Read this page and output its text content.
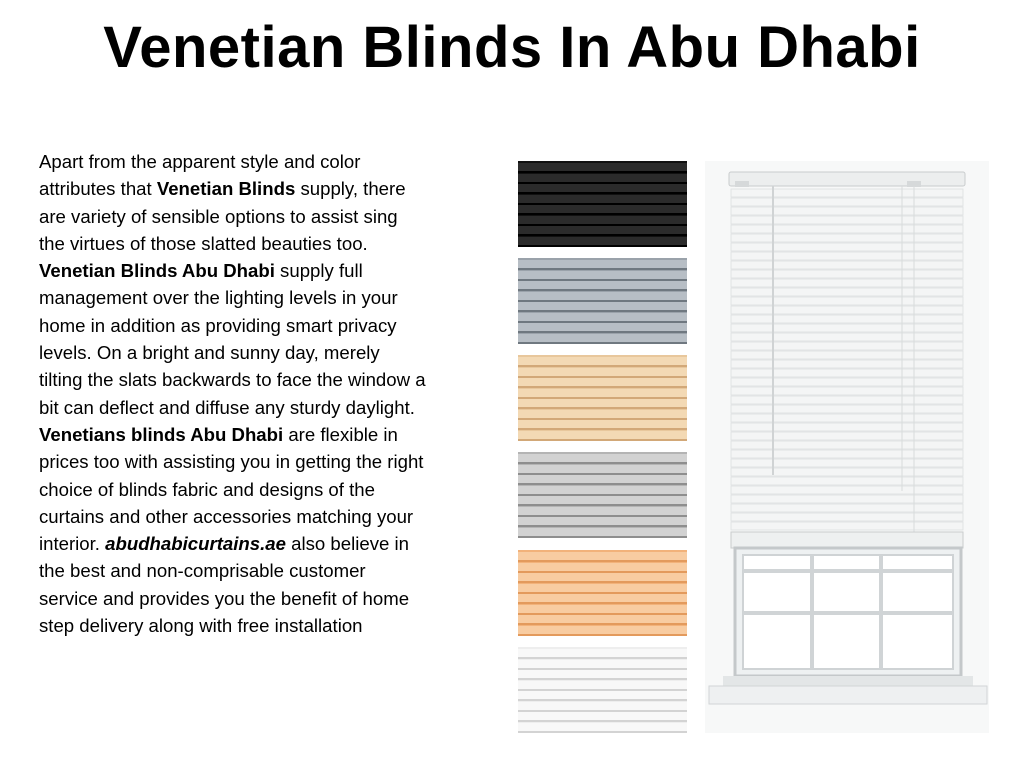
Venetian Blinds In Abu Dhabi
Apart from the apparent style and color attributes that Venetian Blinds supply, there are variety of sensible options to assist sing the virtues of those slatted beauties too. Venetian Blinds Abu Dhabi supply full management over the lighting levels in your home in addition as providing smart privacy levels. On a bright and sunny day, merely tilting the slats backwards to face the window a bit can deflect and diffuse any sturdy daylight. Venetians blinds Abu Dhabi are flexible in prices too with assisting you in getting the right choice of blinds fabric and designs of the curtains and other accessories matching your interior. abudhabicurtains.ae also believe in the best and non-comprisable customer service and provides you the benefit of home step delivery along with free installation
